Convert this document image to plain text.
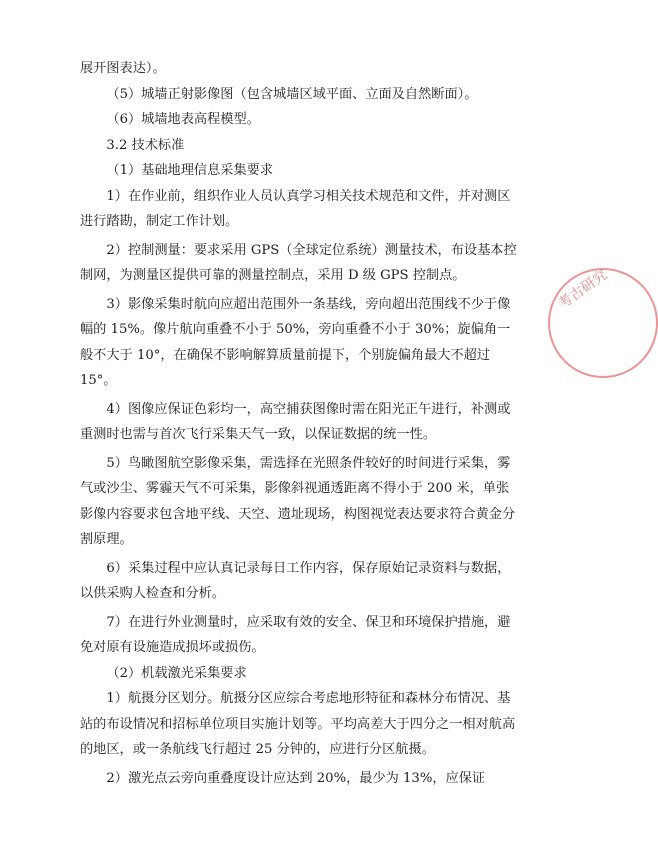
展开图表达）。

（5）城墙正射影像图（包含城墙区域平面、立面及自然断面）。

（6）城墙地表高程模型。

3.2 技术标准

（1）基础地理信息采集要求

1）在作业前，组织作业人员认真学习相关技术规范和文件，并对测区进行踏勘，制定工作计划。

2）控制测量：要求采用 GPS（全球定位系统）测量技术，布设基本控制网，为测量区提供可靠的测量控制点，采用 D 级 GPS 控制点。

3）影像采集时航向应超出范围外一条基线，旁向超出范围线不少于像幅的 15%。像片航向重叠不小于 50%，旁向重叠不小于 30%；旋偏角一般不大于 10°，在确保不影响解算质量前提下，个别旋偏角最大不超过 15°。

4）图像应保证色彩均一，高空捕获图像时需在阳光正午进行，补测或重测时也需与首次飞行采集天气一致，以保证数据的统一性。

5）鸟瞰图航空影像采集，需选择在光照条件较好的时间进行采集，雾气或沙尘、雾霾天气不可采集，影像斜视通透距离不得小于 200 米，单张影像内容要求包含地平线、天空、遗址现场，构图视觉表达要求符合黄金分割原理。

6）采集过程中应认真记录每日工作内容，保存原始记录资料与数据，以供采购人检查和分析。

7）在进行外业测量时，应采取有效的安全、保卫和环境保护措施，避免对原有设施造成损坏或损伤。

（2）机载激光采集要求

1）航摄分区划分。航摄分区应综合考虑地形特征和森林分布情况、基站的布设情况和招标单位项目实施计划等。平均高差大于四分之一相对航高的地区，或一条航线飞行超过 25 分钟的，应进行分区航摄。

2）激光点云旁向重叠度设计应达到 20%，最少为 13%，应保证

考古研究
